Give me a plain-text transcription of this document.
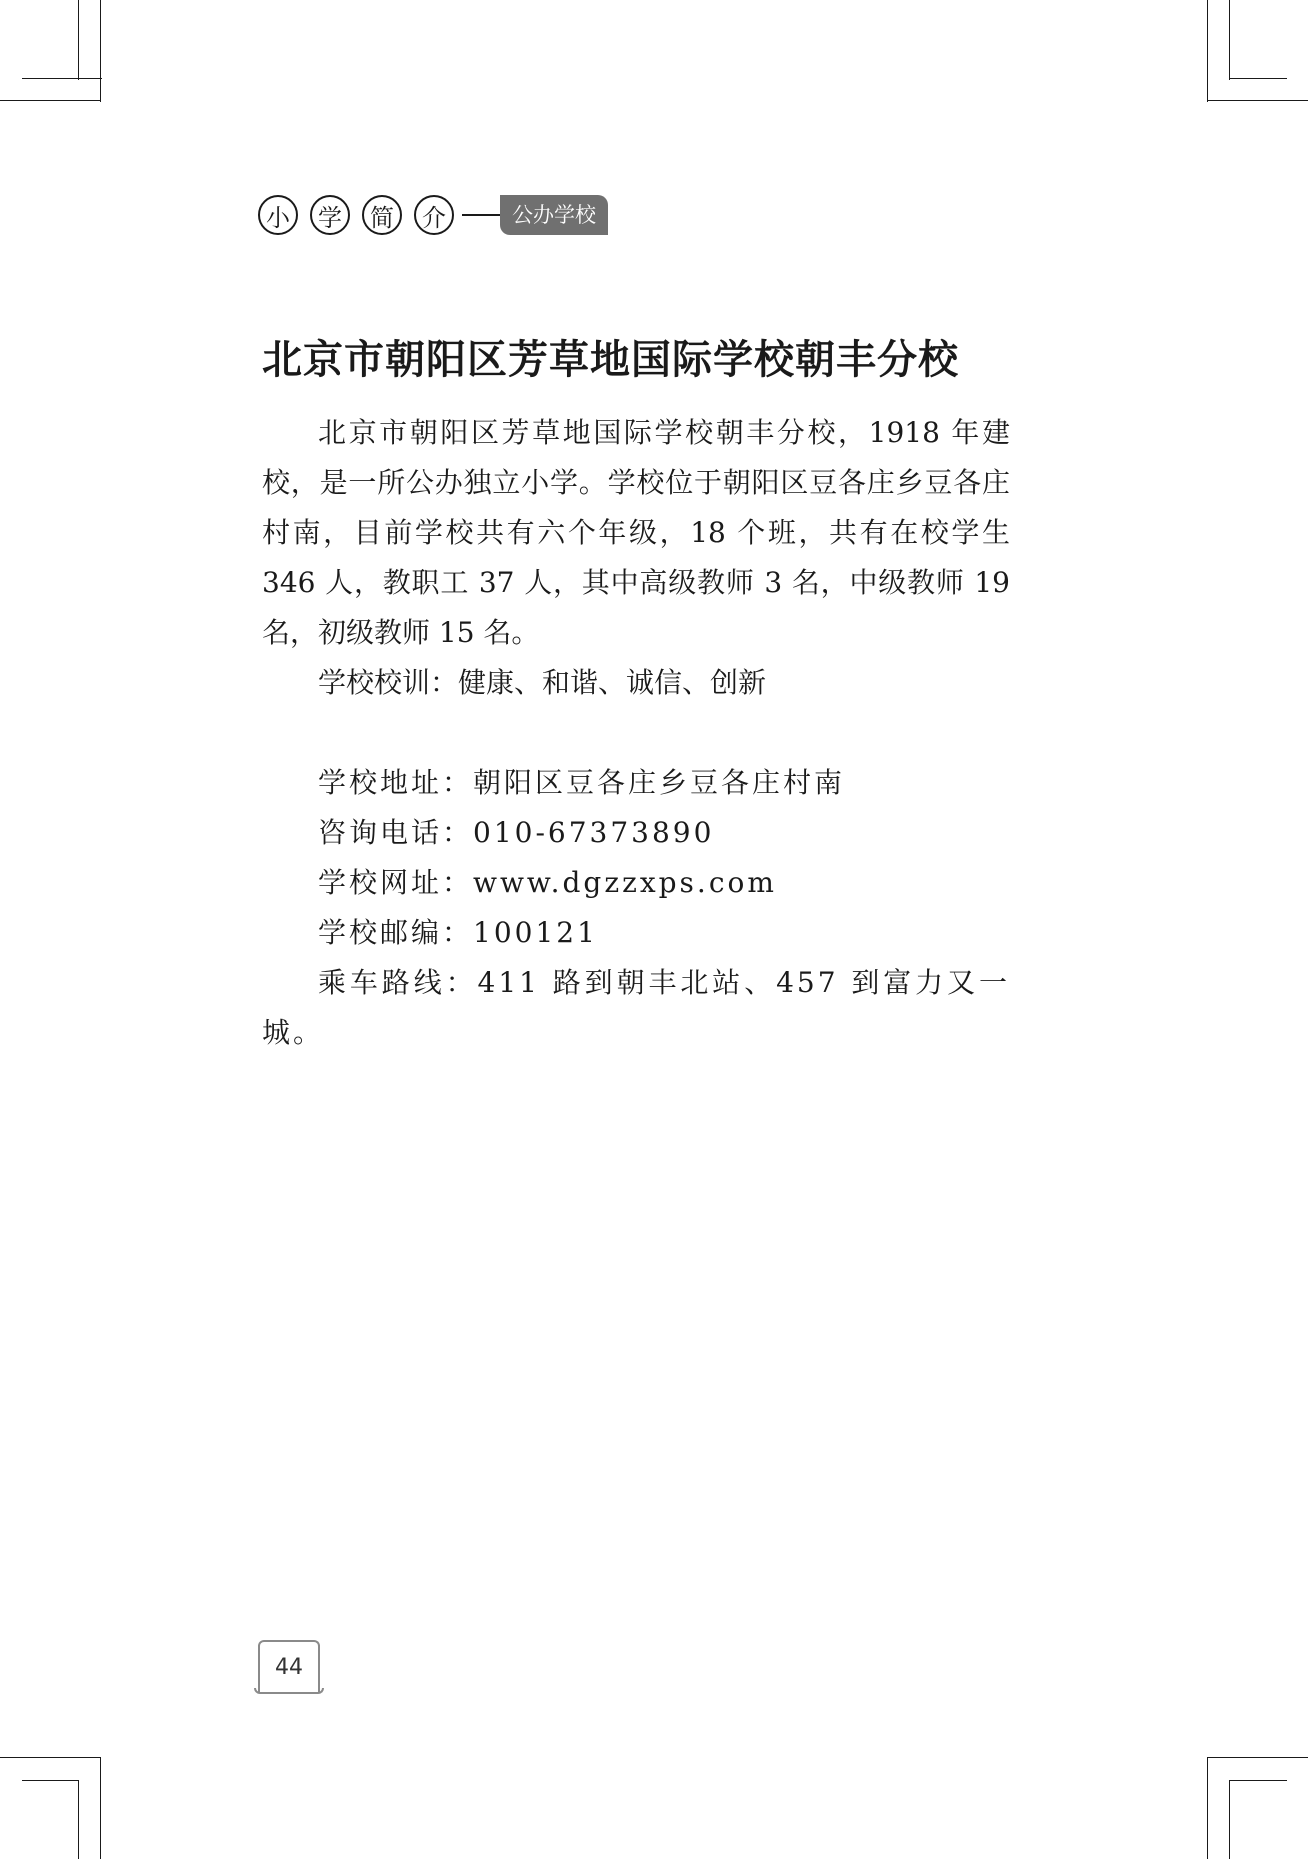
小	学	简	介	公办学校
北京市朝阳区芳草地国际学校朝丰分校

北京市朝阳区芳草地国际学校朝丰分校，1918 年建校，是一所公办独立小学。学校位于朝阳区豆各庄乡豆各庄村南，目前学校共有六个年级，18 个班，共有在校学生 346 人，教职工 37 人，其中高级教师 3 名，中级教师 19 名，初级教师 15 名。

学校校训：健康、和谐、诚信、创新

学校地址：朝阳区豆各庄乡豆各庄村南

咨询电话：010-67373890

学校网址：www.dgzzxps.com

学校邮编：100121

乘车路线：411 路到朝丰北站、457 到富力又一城。

44
